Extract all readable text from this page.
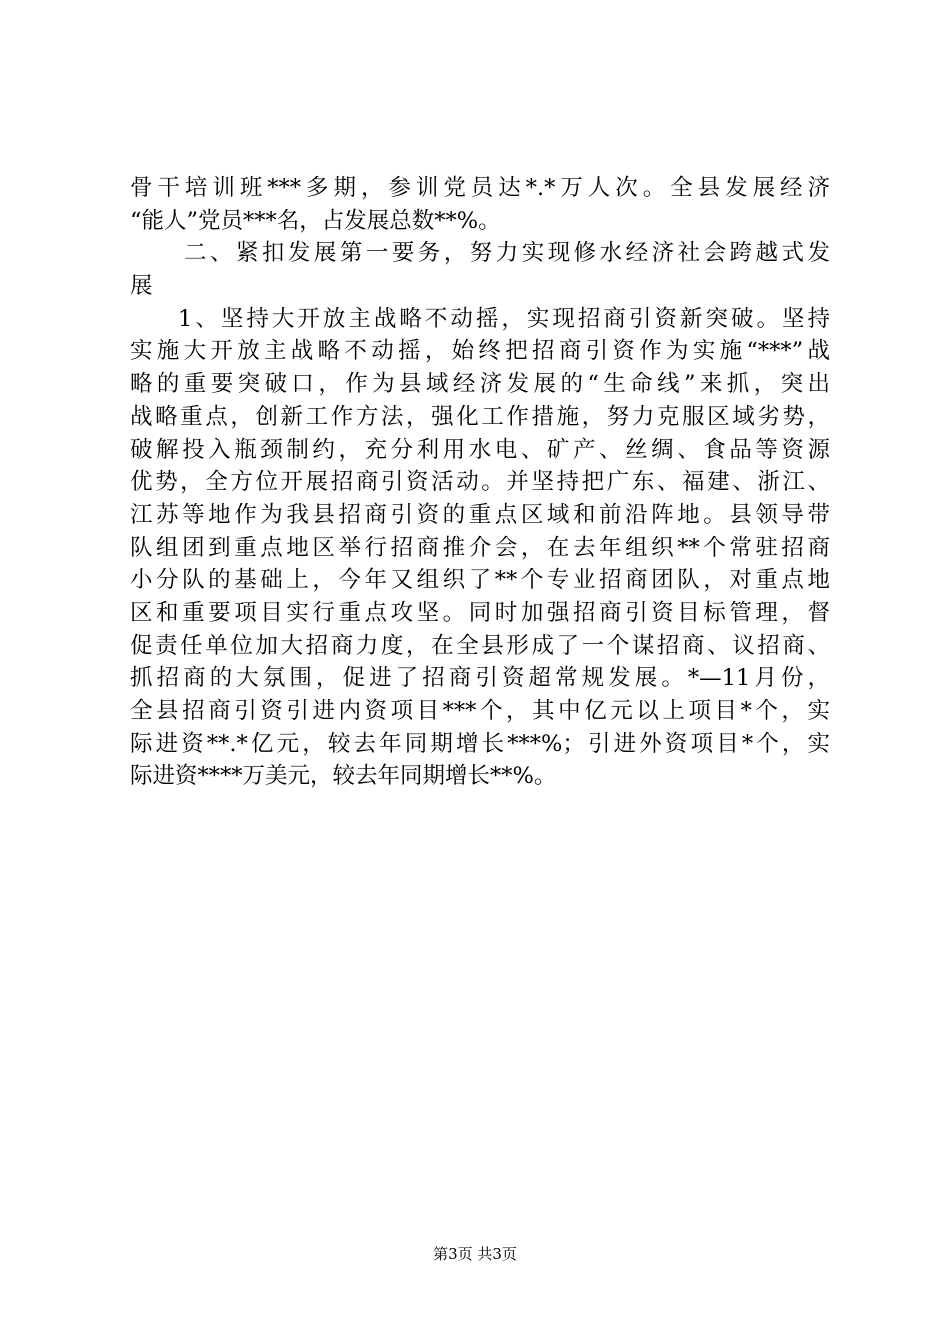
骨干培训班***多期，参训党员达*.*万人次。全县发展经济
“能人”党员***名，占发展总数**%。
二、紧扣发展第一要务，努力实现修水经济社会跨越式发
展
1、坚持大开放主战略不动摇，实现招商引资新突破。坚持
实施大开放主战略不动摇，始终把招商引资作为实施“***”战
略的重要突破口，作为县域经济发展的“生命线”来抓，突出
战略重点，创新工作方法，强化工作措施，努力克服区域劣势，
破解投入瓶颈制约，充分利用水电、矿产、丝绸、食品等资源
优势，全方位开展招商引资活动。并坚持把广东、福建、浙江、
江苏等地作为我县招商引资的重点区域和前沿阵地。县领导带
队组团到重点地区举行招商推介会，在去年组织**个常驻招商
小分队的基础上，今年又组织了**个专业招商团队，对重点地
区和重要项目实行重点攻坚。同时加强招商引资目标管理，督
促责任单位加大招商力度，在全县形成了一个谋招商、议招商、
抓招商的大氛围，促进了招商引资超常规发展。*—11月份，
全县招商引资引进内资项目***个，其中亿元以上项目*个，实
际进资**.*亿元，较去年同期增长***%；引进外资项目*个，实
际进资****万美元，较去年同期增长**%。
第3页 共3页
